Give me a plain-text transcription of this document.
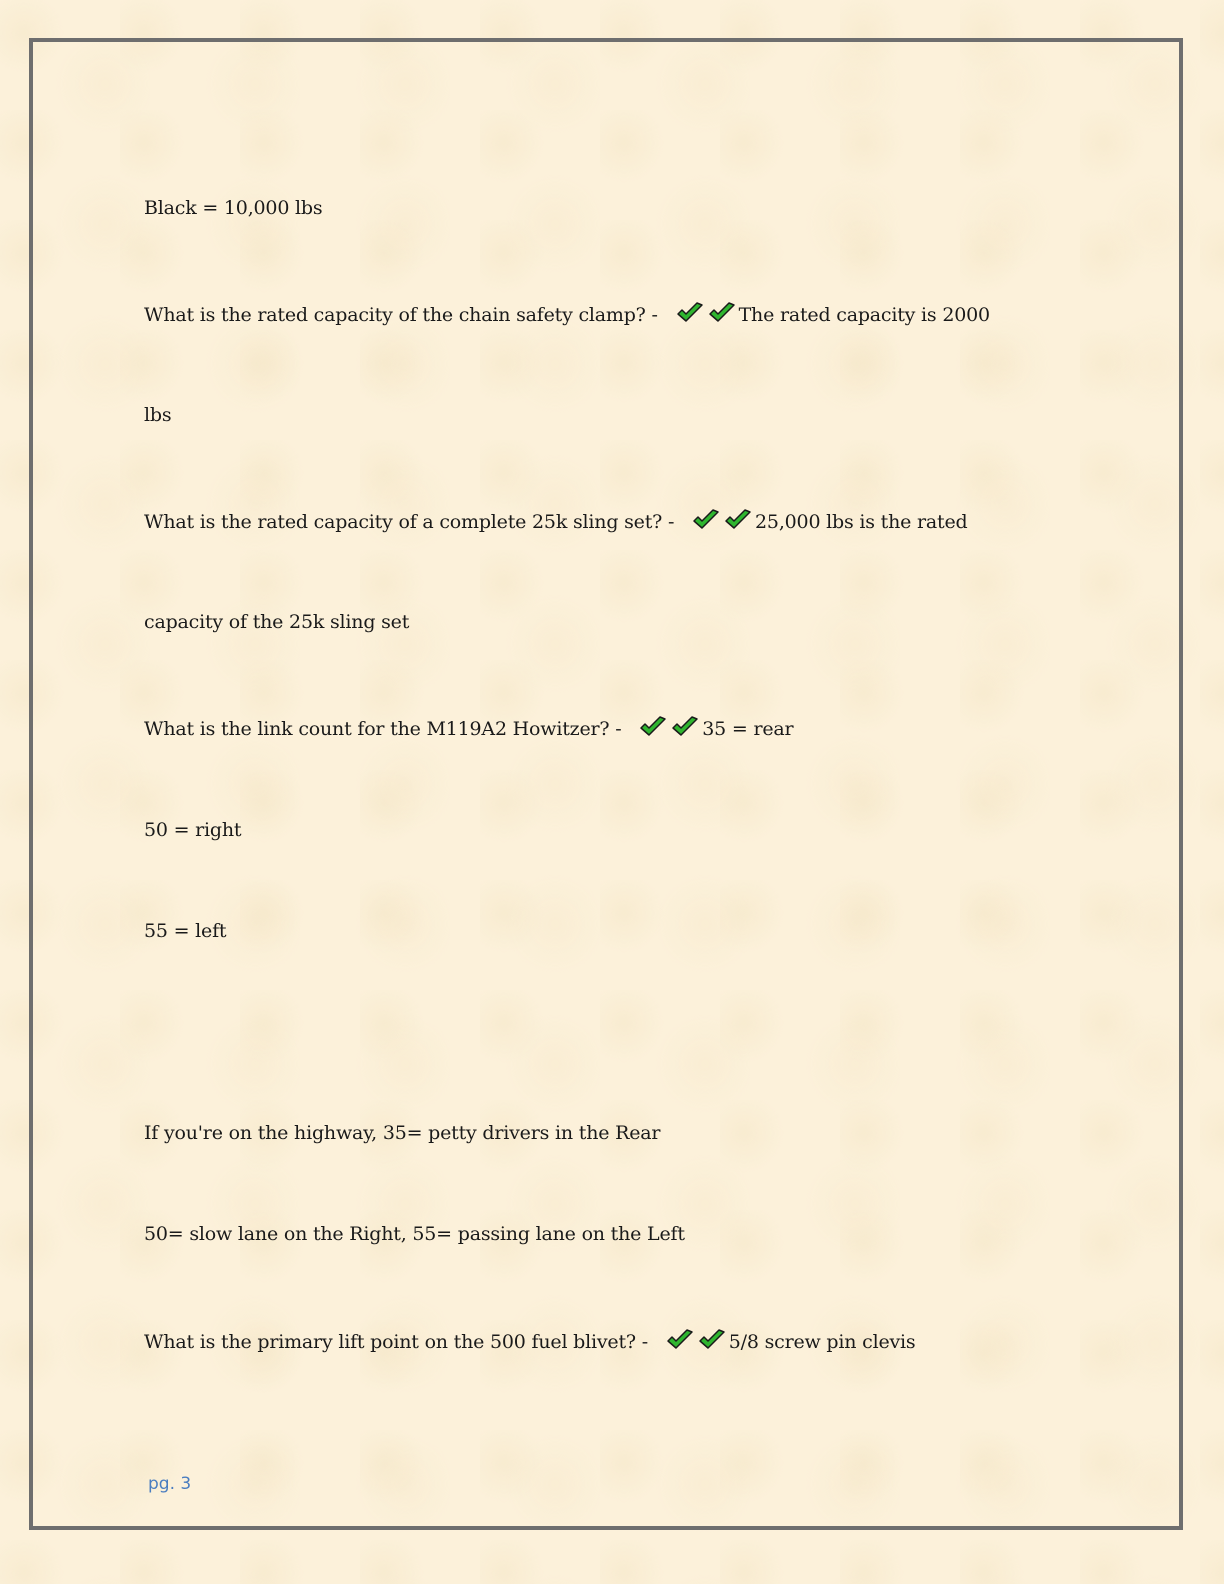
Black = 10,000 lbs
What is the rated capacity of the chain safety clamp? -	The rated capacity is 2000
lbs
What is the rated capacity of a complete 25k sling set? -	25,000 lbs is the rated
capacity of the 25k sling set
What is the link count for the M119A2 Howitzer? -	35 = rear
50 = right
55 = left
If you're on the highway, 35= petty drivers in the Rear
50= slow lane on the Right, 55= passing lane on the Left
What is the primary lift point on the 500 fuel blivet? -	5/8 screw pin clevis
pg. 3
